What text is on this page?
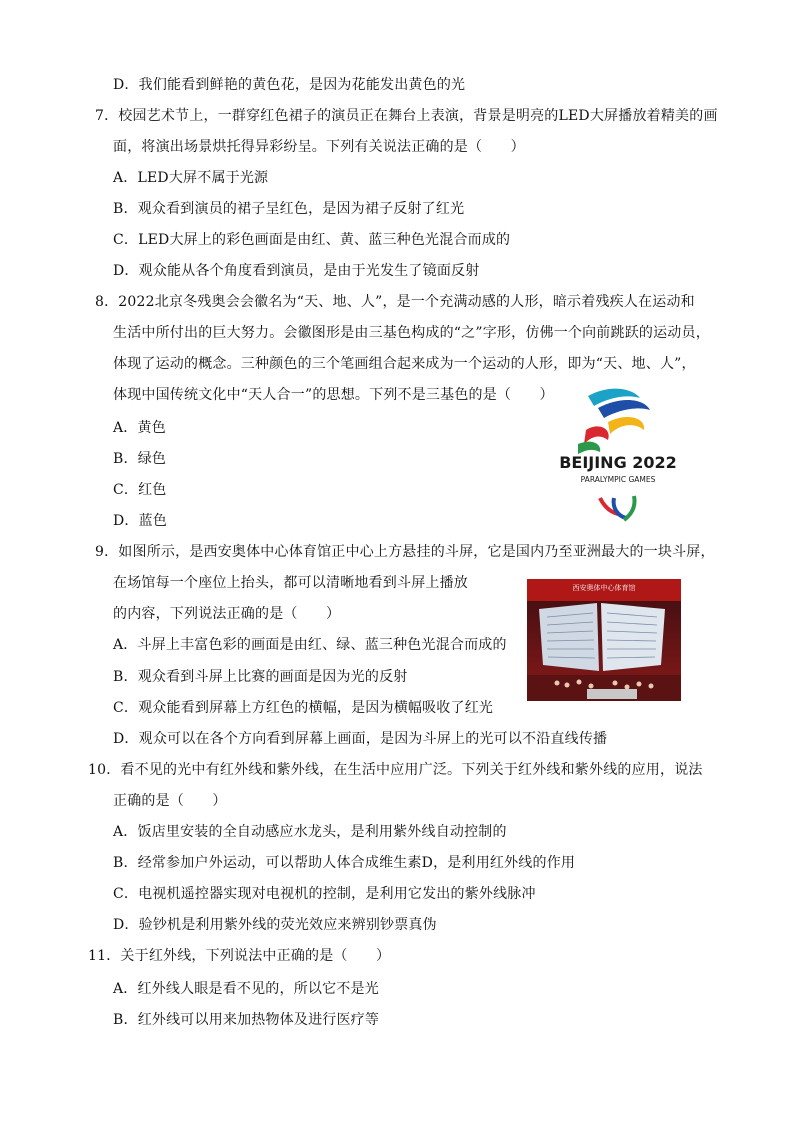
D．我们能看到鲜艳的黄色花，是因为花能发出黄色的光
7．校园艺术节上，一群穿红色裙子的演员正在舞台上表演，背景是明亮的LED大屏播放着精美的画
面，将演出场景烘托得异彩纷呈。下列有关说法正确的是（　　）
A．LED大屏不属于光源
B．观众看到演员的裙子呈红色，是因为裙子反射了红光
C．LED大屏上的彩色画面是由红、黄、蓝三种色光混合而成的
D．观众能从各个角度看到演员，是由于光发生了镜面反射
8．2022北京冬残奥会会徽名为“天、地、人”，是一个充满动感的人形，暗示着残疾人在运动和
生活中所付出的巨大努力。会徽图形是由三基色构成的“之”字形，仿佛一个向前跳跃的运动员，
体现了运动的概念。三种颜色的三个笔画组合起来成为一个运动的人形，即为“天、地、人”，
体现中国传统文化中“天人合一”的思想。下列不是三基色的是（　　）
A．黄色
B．绿色
C．红色
D．蓝色
9．如图所示，是西安奥体中心体育馆正中心上方悬挂的斗屏，它是国内乃至亚洲最大的一块斗屏，
在场馆每一个座位上抬头，都可以清晰地看到斗屏上播放
的内容，下列说法正确的是（　　）
A．斗屏上丰富色彩的画面是由红、绿、蓝三种色光混合而成的
B．观众看到斗屏上比赛的画面是因为光的反射
C．观众能看到屏幕上方红色的横幅，是因为横幅吸收了红光
D．观众可以在各个方向看到屏幕上画面，是因为斗屏上的光可以不沿直线传播
10．看不见的光中有红外线和紫外线，在生活中应用广泛。下列关于红外线和紫外线的应用，说法
正确的是（　　）
A．饭店里安装的全自动感应水龙头，是利用紫外线自动控制的
B．经常参加户外运动，可以帮助人体合成维生素D，是利用红外线的作用
C．电视机遥控器实现对电视机的控制，是利用它发出的紫外线脉冲
D．验钞机是利用紫外线的荧光效应来辨别钞票真伪
11．关于红外线，下列说法中正确的是（　　）
A．红外线人眼是看不见的，所以它不是光
B．红外线可以用来加热物体及进行医疗等
BEIJING 2022
PARALYMPIC GAMES
西安奥体中心体育馆
